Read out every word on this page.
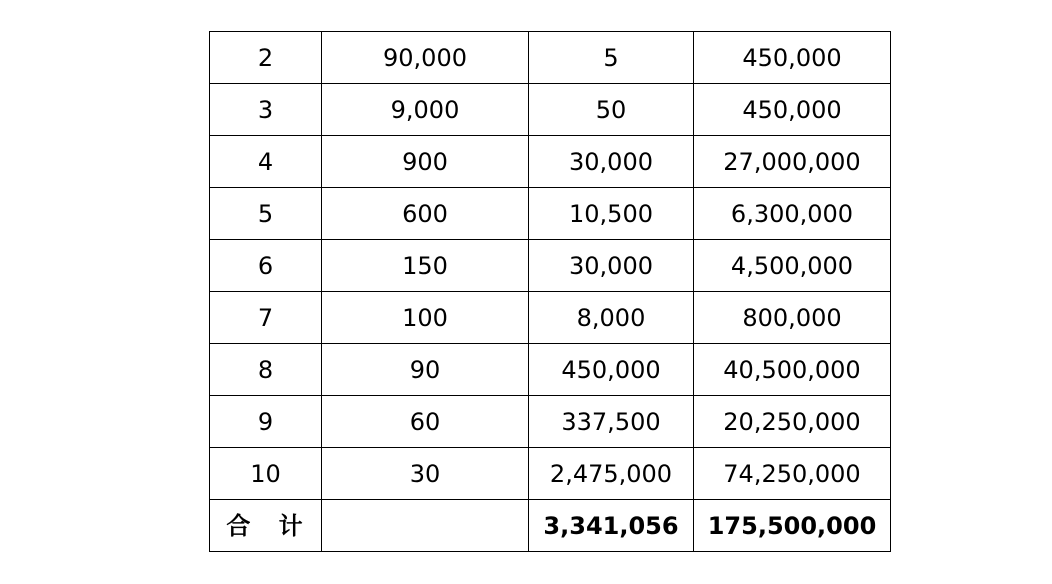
2	90,000	5	450,000
3	9,000	50	450,000
4	900	30,000	27,000,000
5	600	10,500	6,300,000
6	150	30,000	4,500,000
7	100	8,000	800,000
8	90	450,000	40,500,000
9	60	337,500	20,250,000
10	30	2,475,000	74,250,000
合 计		3,341,056	175,500,000
